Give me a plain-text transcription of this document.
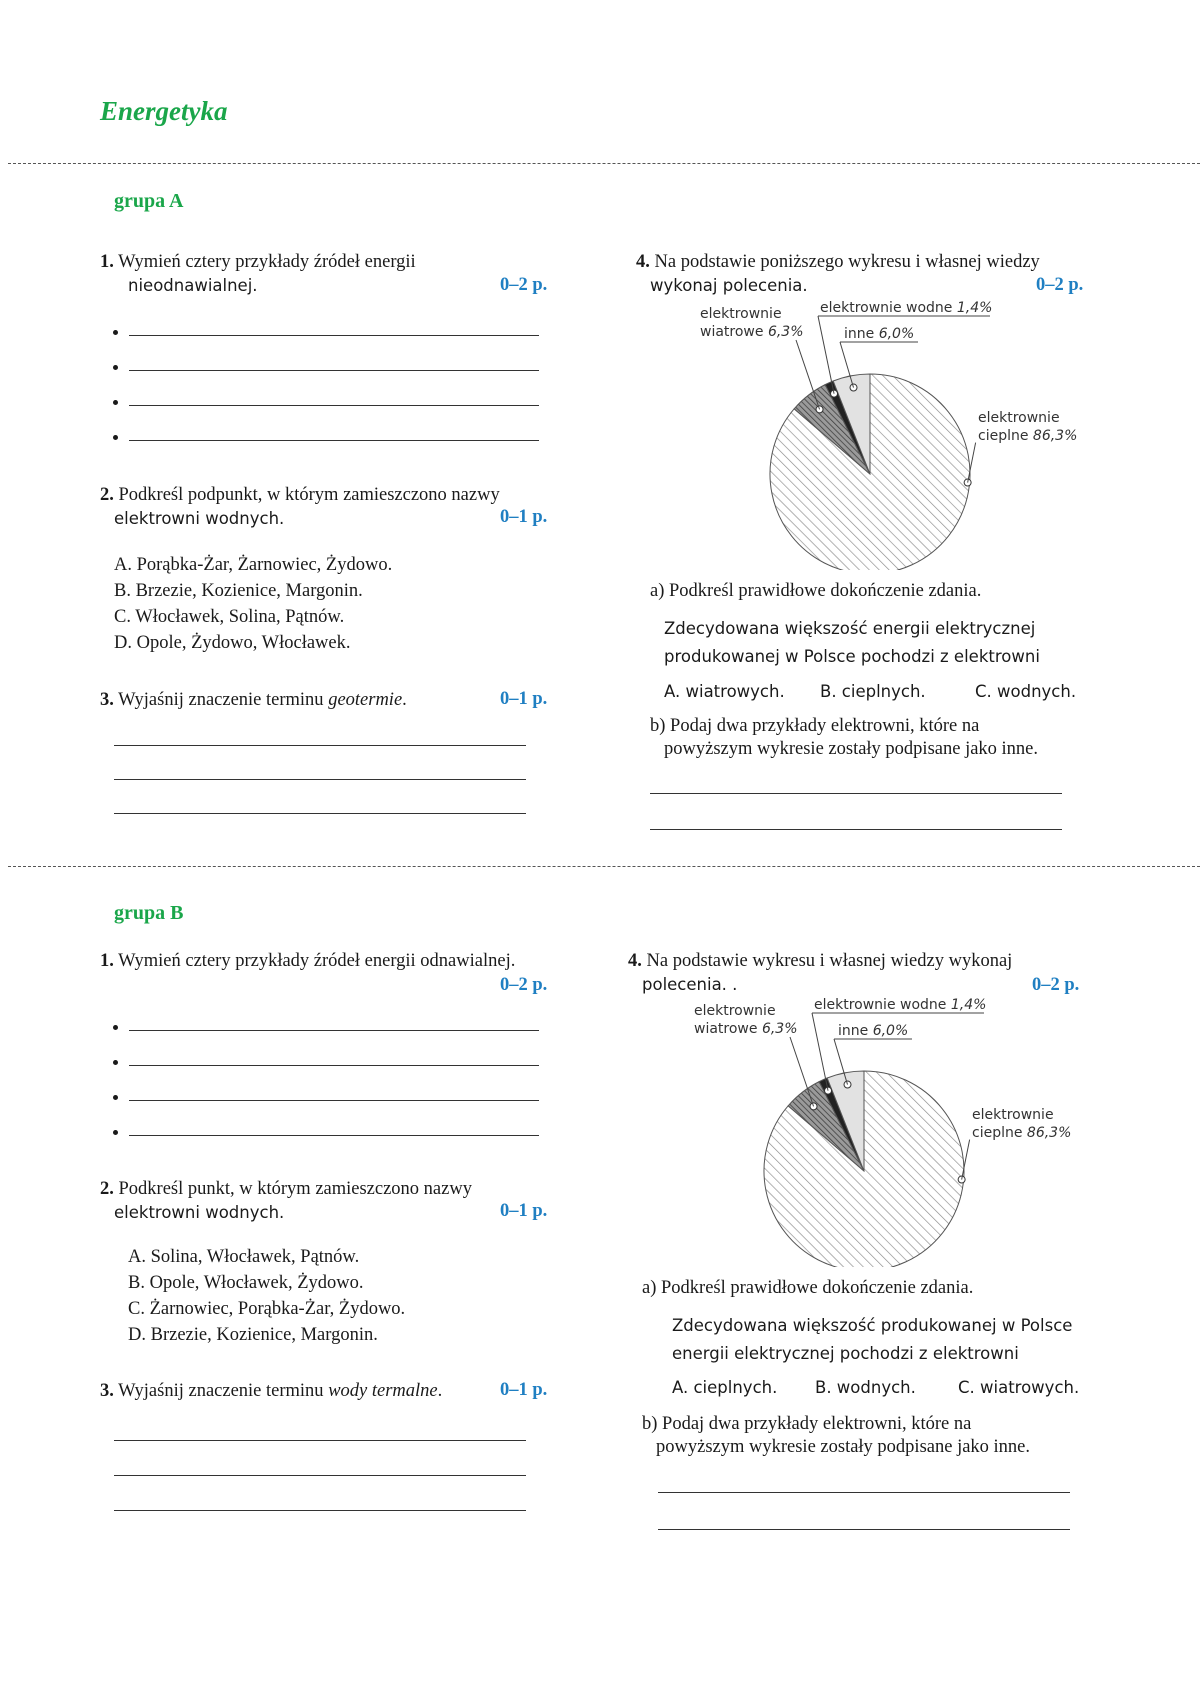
Energetyka
grupa A
1. Wymień cztery przykłady źródeł energii
nieodnawialnej.	0–2 p.
2. Podkreśl podpunkt, w którym zamieszczono nazwy
elektrowni wodnych.	0–1 p.
A. Porąbka-Żar, Żarnowiec, Żydowo.
B. Brzezie, Kozienice, Margonin.
C. Włocławek, Solina, Pątnów.
D. Opole, Żydowo, Włocławek.
3. Wyjaśnij znaczenie terminu geotermie.	0–1 p.
4. Na podstawie poniższego wykresu i własnej wiedzy
wykonaj polecenia.	0–2 p.
elektrownie
cieplne 86,3%
elektrownie
wiatrowe 6,3%
elektrownie wodne 1,4%
inne 6,0%
a) Podkreśl prawidłowe dokończenie zdania.
Zdecydowana większość energii elektrycznej
produkowanej w Polsce pochodzi z elektrowni
A. wiatrowych. B. cieplnych.	C. wodnych.
b) Podaj dwa przykłady elektrowni, które na
powyższym wykresie zostały podpisane jako inne.
grupa B
1. Wymień cztery przykłady źródeł energii odnawialnej.
0–2 p.
2. Podkreśl punkt, w którym zamieszczono nazwy
elektrowni wodnych.	0–1 p.
A. Solina, Włocławek, Pątnów.
B. Opole, Włocławek, Żydowo.
C. Żarnowiec, Porąbka-Żar, Żydowo.
D. Brzezie, Kozienice, Margonin.
3. Wyjaśnij znaczenie terminu wody termalne.	0–1 p.
4. Na podstawie wykresu i własnej wiedzy wykonaj
polecenia. .	0–2 p.
elektrownie
cieplne 86,3%
elektrownie
wiatrowe 6,3%
elektrownie wodne 1,4%
inne 6,0%
a) Podkreśl prawidłowe dokończenie zdania.
Zdecydowana większość produkowanej w Polsce
energii elektrycznej pochodzi z elektrowni
A. cieplnych. B. wodnych.	C. wiatrowych.
b) Podaj dwa przykłady elektrowni, które na
powyższym wykresie zostały podpisane jako inne.
